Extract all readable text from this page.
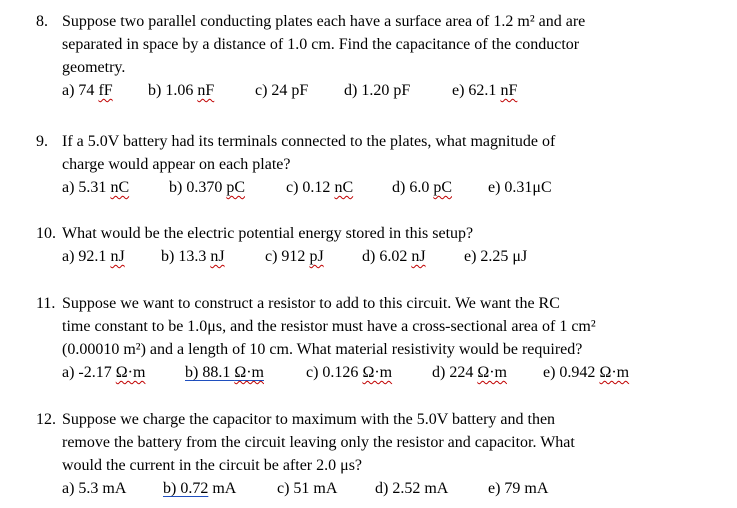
8. Suppose two parallel conducting plates each have a surface area of 1.2 m² and are
separated in space by a distance of 1.0 cm. Find the capacitance of the conductor
geometry.
a) 74 fF b) 1.06 nF	c) 24 pF d) 1.20 pF	e) 62.1 nF
9. If a 5.0V battery had its terminals connected to the plates, what magnitude of
charge would appear on each plate?
a) 5.31 nC b) 0.370 pC	c) 0.12 nC d) 6.0 pC e) 0.31μC
10. What would be the electric potential energy stored in this setup?
a) 92.1 nJ b) 13.3 nJ	c) 912 pJ d) 6.02 nJ e) 2.25 μJ
11. Suppose we want to construct a resistor to add to this circuit. We want the RC
time constant to be 1.0μs, and the resistor must have a cross-sectional area of 1 cm²
(0.00010 m²) and a length of 10 cm. What material resistivity would be required?
a) -2.17 Ω·m b) 88.1 Ω·m	c) 0.126 Ω·m d) 224 Ω·m e) 0.942 Ω·m
12. Suppose we charge the capacitor to maximum with the 5.0V battery and then
remove the battery from the circuit leaving only the resistor and capacitor. What
would the current in the circuit be after 2.0 μs?
a) 5.3 mA b) 0.72 mA	c) 51 mA d) 2.52 mA e) 79 mA
